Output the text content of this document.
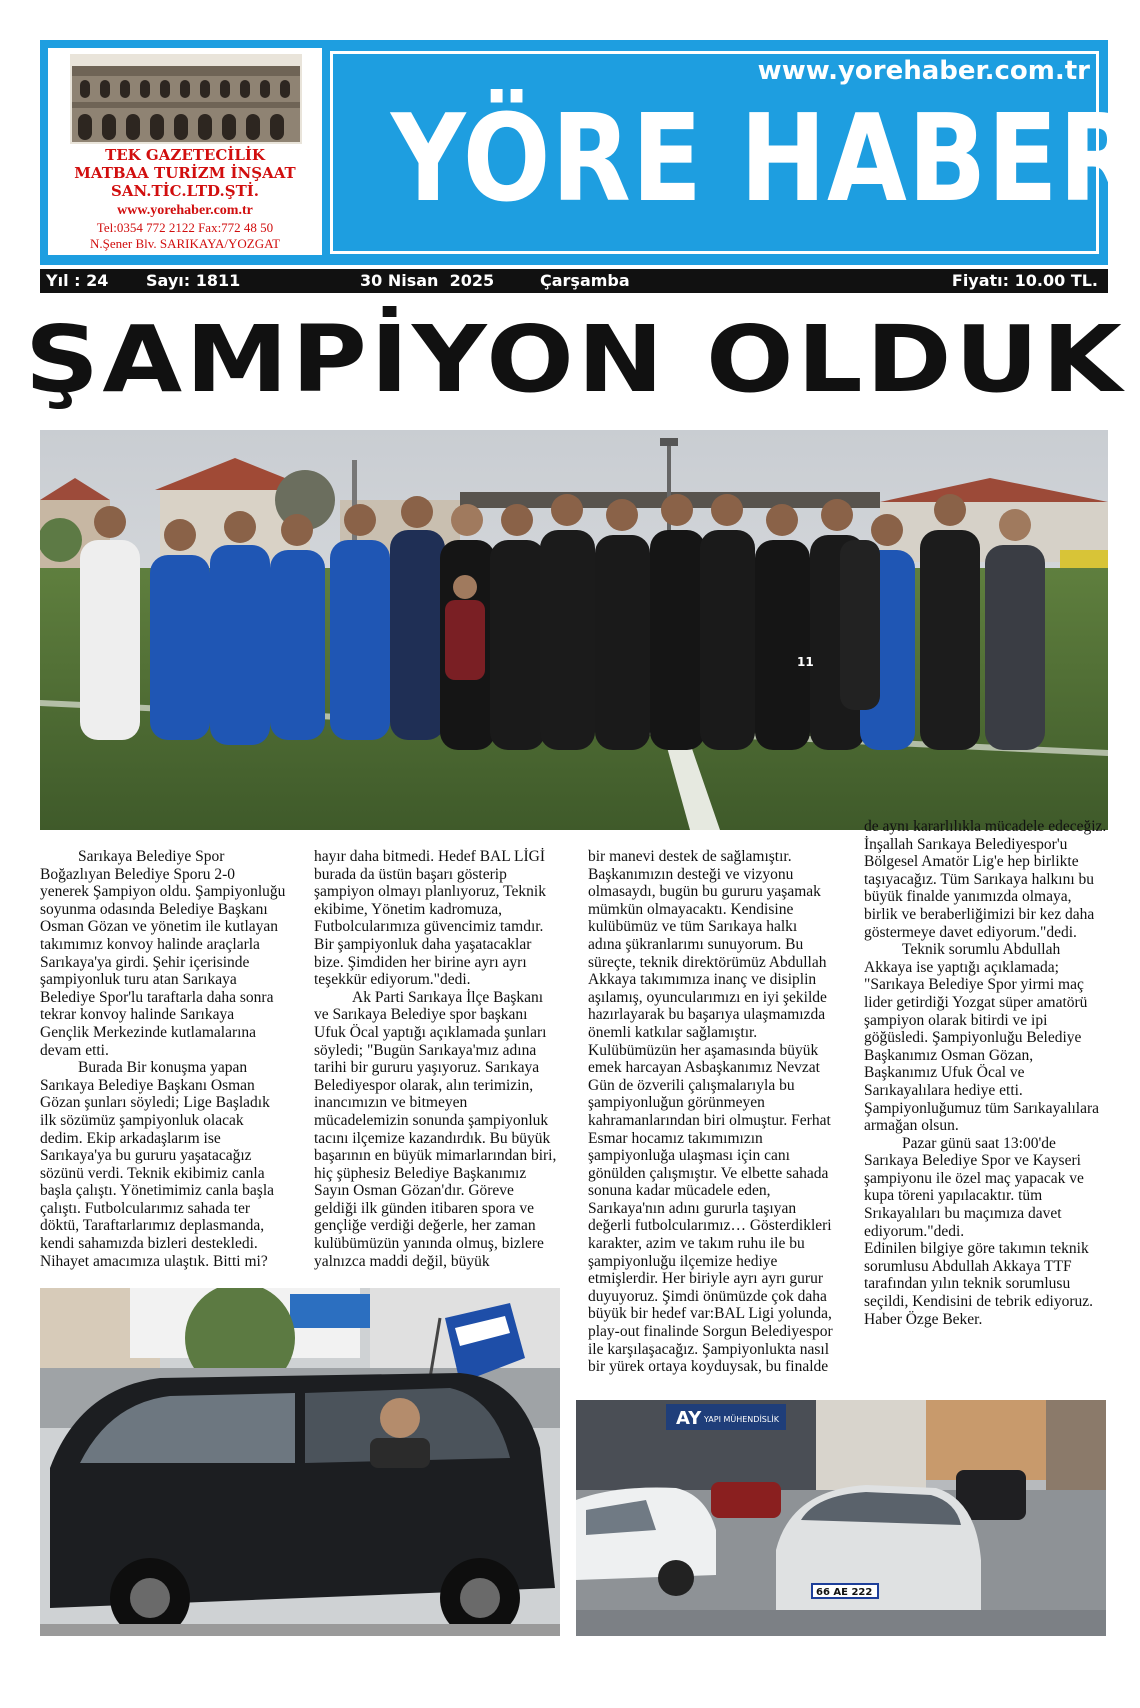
TEK GAZETECİLİK
MATBAA TURİZM İNŞAAT
SAN.TİC.LTD.ŞTİ.
www.yorehaber.com.tr
Tel:0354 772 2122 Fax:772 48 50
N.Şener Blv. SARIKAYA/YOZGAT
www.yorehaber.com.tr
YÖRE HABER
Yıl : 24 Sayı: 1811	30 Nisan  2025	Çarşamba	Fiyatı: 10.00 TL.
ŞAMPİYON OLDUK
11

Sarıkaya Belediye Spor Boğazlıyan Belediye Sporu 2-0 yenerek Şampiyon oldu. Şampiyonluğu soyunma odasında Belediye Başkanı Osman Gözan ve yönetim ile kutlayan takımımız konvoy halinde araçlarla Sarıkaya'ya girdi. Şehir içerisinde şampiyonluk turu atan Sarıkaya Belediye Spor'lu taraftarla daha sonra tekrar konvoy halinde Sarıkaya Gençlik Merkezinde kutlamalarına devam etti.

Burada Bir konuşma yapan Sarıkaya Belediye Başkanı Osman Gözan şunları söyledi; Lige Başladık ilk sözümüz şampiyonluk olacak dedim. Ekip arkadaşlarım ise Sarıkaya'ya bu gururu yaşatacağız sözünü verdi. Teknik ekibimiz canla başla çalıştı. Yönetimimiz canla başla çalıştı. Futbolcularımız sahada ter döktü, Taraftarlarımız deplasmanda, kendi sahamızda bizleri destekledi. Nihayet amacımıza ulaştık. Bitti mi?

hayır daha bitmedi. Hedef BAL LİGİ burada da üstün başarı gösterip şampiyon olmayı planlıyoruz, Teknik ekibime, Yönetim kadromuza, Futbolcularımıza güvencimiz tamdır. Bir şampiyonluk daha yaşatacaklar bize. Şimdiden her birine ayrı ayrı teşekkür ediyorum."dedi.

Ak Parti Sarıkaya İlçe Başkanı ve Sarıkaya Belediye spor başkanı Ufuk Öcal yaptığı açıklamada şunları söyledi; "Bugün Sarıkaya'mız adına tarihi bir gururu yaşıyoruz. Sarıkaya Belediyespor olarak, alın terimizin, inancımızın ve bitmeyen mücadelemizin sonunda şampiyonluk tacını ilçemize kazandırdık. Bu büyük başarının en büyük mimarlarından biri, hiç şüphesiz Belediye Başkanımız Sayın Osman Gözan'dır. Göreve geldiği ilk günden itibaren spora ve gençliğe verdiği değerle, her zaman kulübümüzün yanında olmuş, bizlere yalnızca maddi değil, büyük

bir manevi destek de sağlamıştır. Başkanımızın desteği ve vizyonu olmasaydı, bugün bu gururu yaşamak mümkün olmayacaktı. Kendisine kulübümüz ve tüm Sarıkaya halkı adına şükranlarımı sunuyorum. Bu süreçte, teknik direktörümüz Abdullah Akkaya takımımıza inanç ve disiplin aşılamış, oyuncularımızı en iyi şekilde hazırlayarak bu başarıya ulaşmamızda önemli katkılar sağlamıştır. Kulübümüzün her aşamasında büyük emek harcayan Asbaşkanımız Nevzat Gün de özverili çalışmalarıyla bu şampiyonluğun görünmeyen kahramanlarından biri olmuştur. Ferhat Esmar hocamız takımımızın şampiyonluğa ulaşması için canı gönülden çalışmıştır. Ve elbette sahada sonuna kadar mücadele eden, Sarıkaya'nın adını gururla taşıyan değerli futbolcularımız… Gösterdikleri karakter, azim ve takım ruhu ile bu şampiyonluğu ilçemize hediye etmişlerdir. Her biriyle ayrı ayrı gurur duyuyoruz. Şimdi önümüzde çok daha büyük bir hedef var:BAL Ligi yolunda, play-out finalinde Sorgun Belediyespor ile karşılaşacağız. Şampiyonlukta nasıl bir yürek ortaya koyduysak, bu finalde

de aynı kararlılıkla mücadele edeceğiz. İnşallah Sarıkaya Belediyespor'u Bölgesel Amatör Lig'e hep birlikte taşıyacağız. Tüm Sarıkaya halkını bu büyük finalde yanımızda olmaya, birlik ve beraberliğimizi bir kez daha göstermeye davet ediyorum."dedi.

Teknik sorumlu Abdullah Akkaya ise yaptığı açıklamada; "Sarıkaya Belediye Spor yirmi maç lider getirdiği Yozgat süper amatörü şampiyon olarak bitirdi ve ipi göğüsledi. Şampiyonluğu Belediye Başkanımız Osman Gözan, Başkanımız Ufuk Öcal ve Sarıkayalılara hediye etti. Şampiyonluğumuz tüm Sarıkayalılara armağan olsun.

Pazar günü saat 13:00'de Sarıkaya Belediye Spor ve Kayseri şampiyonu ile özel maç yapacak ve kupa töreni yapılacaktır. tüm Srıkayalıları bu maçımıza davet ediyorum."dedi.

Edinilen bilgiye göre takımın teknik sorumlusu Abdullah Akkaya TTF tarafından yılın teknik sorumlusu seçildi, Kendisini de tebrik ediyoruz. Haber Özge Beker.

AY YAPI MÜHENDİSLİK
66 AE 222
